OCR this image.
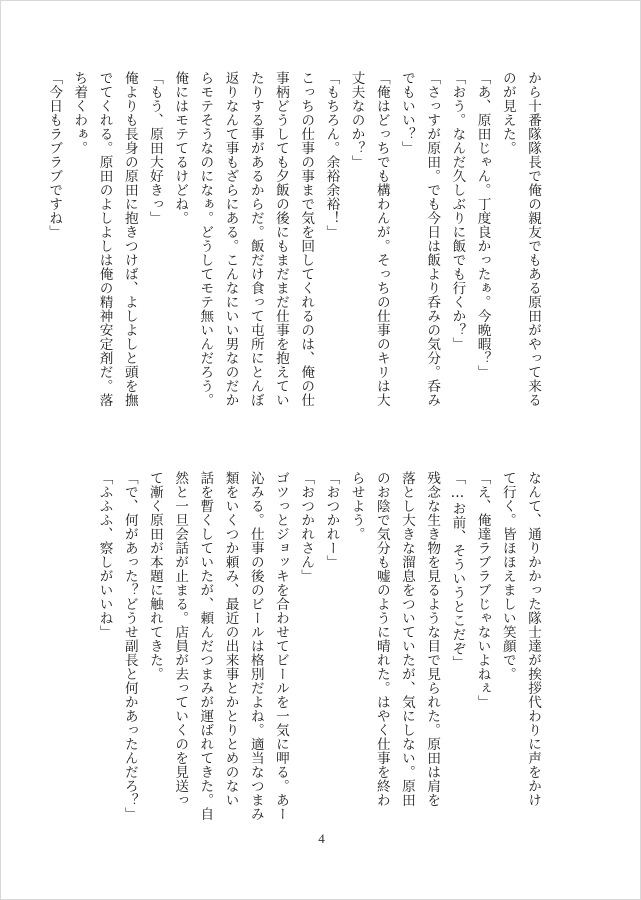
から十番隊隊長で俺の親友でもある原田がやって来る
のが見えた。
「あ、原田じゃん。丁度良かったぁ。今晩暇？」
「おう。なんだ久しぶりに飯でも行くか？」
「さっすが原田。でも今日は飯より呑みの気分。呑み
でもいい？」
「俺はどっちでも構わんが。そっちの仕事のキリは大
丈夫なのか？」
「もちろん。余裕余裕！」
こっちの仕事の事まで気を回してくれるのは、俺の仕
事柄どうしても夕飯の後にもまだまだ仕事を抱えてい
たりする事があるからだ。飯だけ食って屯所にとんぼ
返りなんて事もざらにある。こんなにいい男なのだか
らモテそうなのになぁ。どうしてモテ無いんだろう。
俺にはモテてるけどね。
「もう、原田大好きっ」
俺よりも長身の原田に抱きつけば、よしよしと頭を撫
でてくれる。原田のよしよしは俺の精神安定剤だ。落
ち着くわぁ。
「今日もラブラブですね」
なんて、通りかかった隊士達が挨拶代わりに声をかけ
て行く。皆ほほえましい笑顔で。
「え、俺達ラブラブじゃないよねぇ」
「…お前、そういうとこだぞ」
残念な生き物を見るような目で見られた。原田は肩を
落とし大きな溜息をついていたが、気にしない。原田
のお陰で気分も嘘のように晴れた。はやく仕事を終わ
らせよう。
「おつかれー」
「おつかれさん」
ゴツっとジョッキを合わせてビールを一気に呷る。あー
沁みる。仕事の後のビールは格別だよね。適当なつまみ
類をいくつか頼み、最近の出来事とかとりとめのない
話を暫くしていたが、頼んだつまみが運ばれてきた。自
然と一旦会話が止まる。店員が去っていくのを見送っ
て漸く原田が本題に触れてきた。
「で、何があった？どうせ副長と何かあったんだろ？」
「ふふふ、察しがいいね」
4
